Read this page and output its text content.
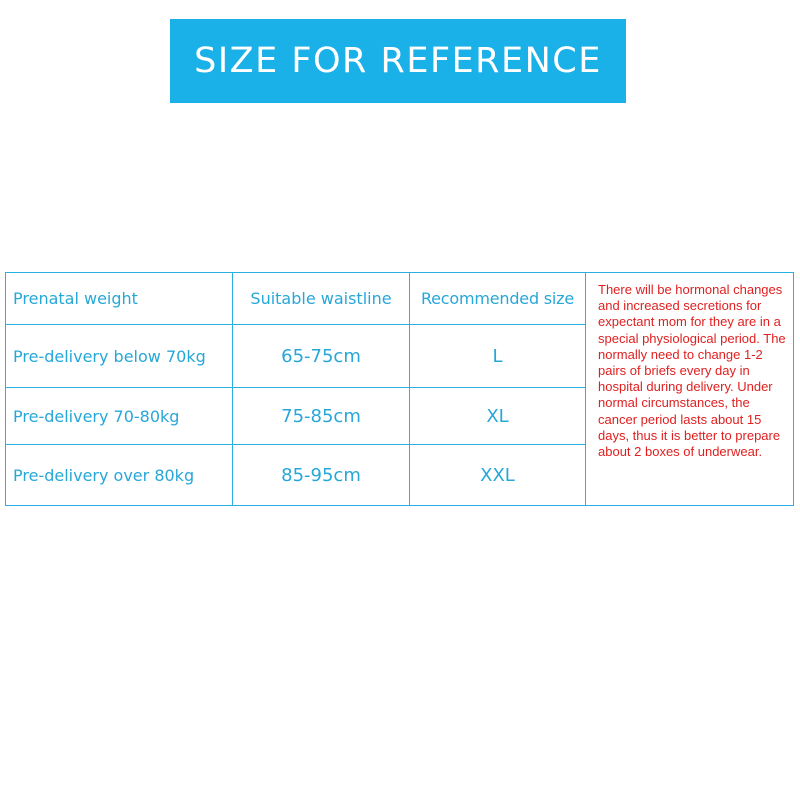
SIZE FOR REFERENCE
Prenatal weight	Suitable waistline	Recommended size	There will be hormonal changes and increased secretions for expectant mom for they are in a special physiological period. The normally need to change 1-2 pairs of briefs every day in hospital during delivery. Under normal circumstances, the cancer period lasts about 15 days, thus it is better to prepare about 2 boxes of underwear.
Pre-delivery below 70kg	65-75cm	L	
Pre-delivery 70-80kg	75-85cm	XL	
Pre-delivery over 80kg	85-95cm	XXL	
